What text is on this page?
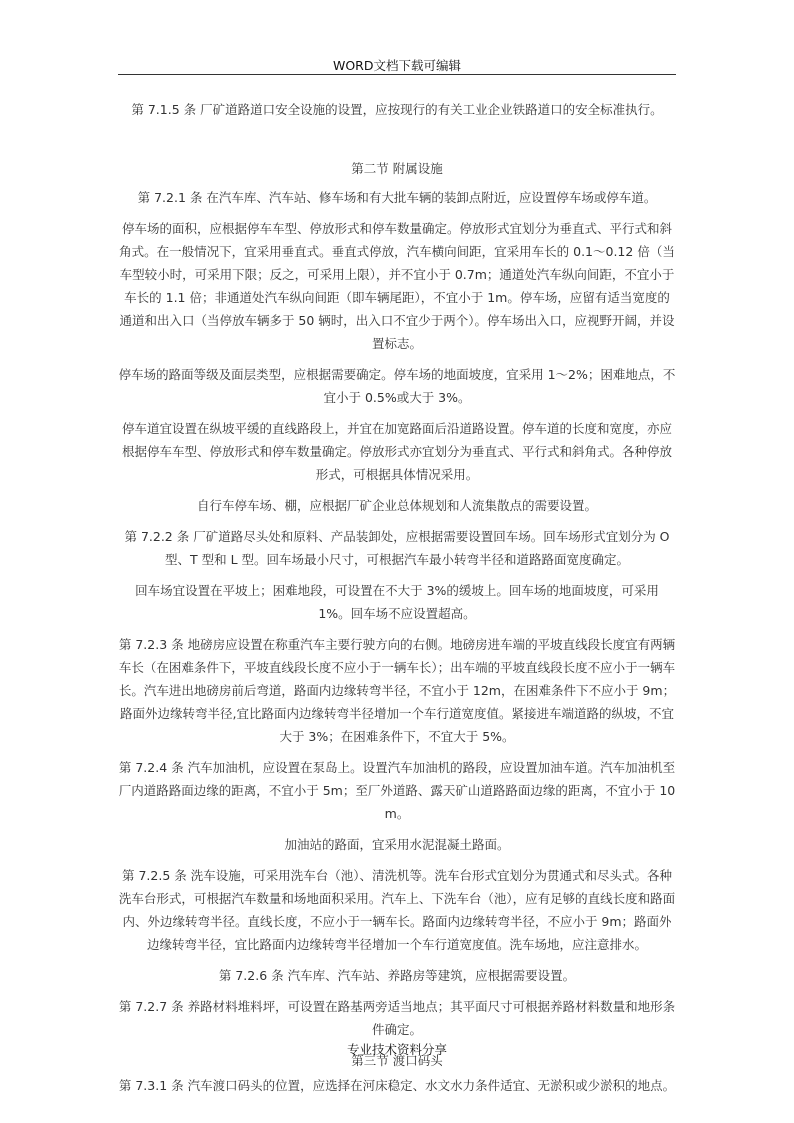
WORD文档下载可编辑

第 7.1.5 条 厂矿道路道口安全设施的设置，应按现行的有关工业企业铁路道口的安全标准执行。

第二节 附属设施

第 7.2.1 条 在汽车库、汽车站、修车场和有大批车辆的装卸点附近，应设置停车场或停车道。

停车场的面积，应根据停车车型、停放形式和停车数量确定。停放形式宜划分为垂直式、平行式和斜角式。在一般情况下，宜采用垂直式。垂直式停放，汽车横向间距，宜采用车长的 0.1～0.12 倍（当车型较小时，可采用下限；反之，可采用上限），并不宜小于 0.7m；通道处汽车纵向间距，不宜小于车长的 1.1 倍；非通道处汽车纵向间距（即车辆尾距），不宜小于 1m。停车场，应留有适当宽度的通道和出入口（当停放车辆多于 50 辆时，出入口不宜少于两个）。停车场出入口，应视野开阔，并设置标志。

停车场的路面等级及面层类型，应根据需要确定。停车场的地面坡度，宜采用 1～2%；困难地点，不宜小于 0.5%或大于 3%。

停车道宜设置在纵坡平缓的直线路段上，并宜在加宽路面后沿道路设置。停车道的长度和宽度，亦应根据停车车型、停放形式和停车数量确定。停放形式亦宜划分为垂直式、平行式和斜角式。各种停放形式，可根据具体情况采用。

自行车停车场、棚，应根据厂矿企业总体规划和人流集散点的需要设置。

第 7.2.2 条 厂矿道路尽头处和原料、产品装卸处，应根据需要设置回车场。回车场形式宜划分为 O 型、T 型和 L 型。回车场最小尺寸，可根据汽车最小转弯半径和道路路面宽度确定。

回车场宜设置在平坡上；困难地段，可设置在不大于 3%的缓坡上。回车场的地面坡度，可采用 1%。回车场不应设置超高。

第 7.2.3 条 地磅房应设置在称重汽车主要行驶方向的右侧。地磅房进车端的平坡直线段长度宜有两辆车长（在困难条件下，平坡直线段长度不应小于一辆车长）；出车端的平坡直线段长度不应小于一辆车长。汽车进出地磅房前后弯道，路面内边缘转弯半径，不宜小于 12m，在困难条件下不应小于 9m；路面外边缘转弯半径,宜比路面内边缘转弯半径增加一个车行道宽度值。紧接进车端道路的纵坡，不宜大于 3%；在困难条件下，不宜大于 5%。

第 7.2.4 条 汽车加油机，应设置在泵岛上。设置汽车加油机的路段，应设置加油车道。汽车加油机至厂内道路路面边缘的距离，不宜小于 5m；至厂外道路、露天矿山道路路面边缘的距离，不宜小于 10m。

加油站的路面，宜采用水泥混凝土路面。

第 7.2.5 条 洗车设施，可采用洗车台（池）、清洗机等。洗车台形式宜划分为贯通式和尽头式。各种洗车台形式，可根据汽车数量和场地面积采用。汽车上、下洗车台（池），应有足够的直线长度和路面内、外边缘转弯半径。直线长度，不应小于一辆车长。路面内边缘转弯半径，不应小于 9m；路面外边缘转弯半径，宜比路面内边缘转弯半径增加一个车行道宽度值。洗车场地，应注意排水。

第 7.2.6 条 汽车库、汽车站、养路房等建筑，应根据需要设置。

第 7.2.7 条 养路材料堆料坪，可设置在路基两旁适当地点；其平面尺寸可根据养路材料数量和地形条件确定。

第三节 渡口码头

第 7.3.1 条 汽车渡口码头的位置，应选择在河床稳定、水文水力条件适宜、无淤积或少淤积的地点。

专业技术资料分享
